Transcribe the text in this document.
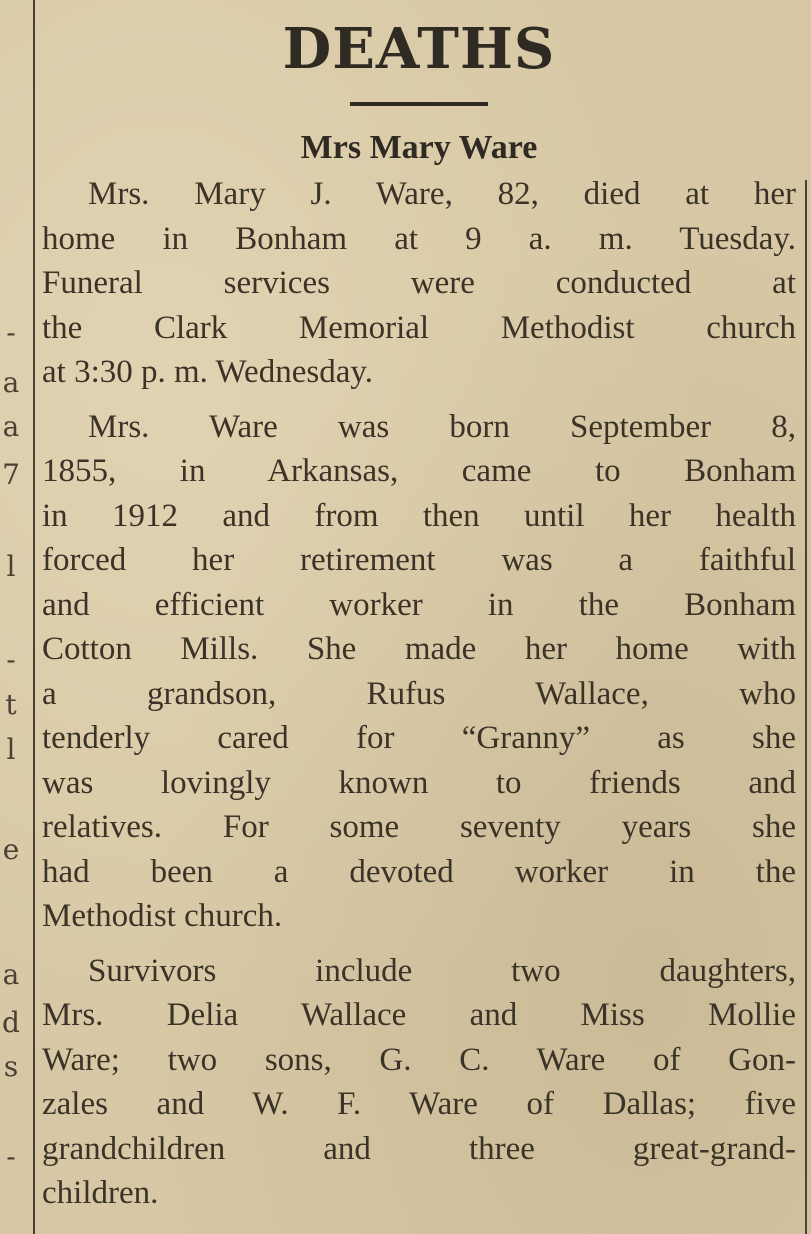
-
a
a
7
l
-
t
l
e
a
d
s
-
DEATHS
Mrs Mary Ware
Mrs. Mary J. Ware, 82, died at her
home in Bonham at 9 a. m. Tuesday.
Funeral services were conducted at
the Clark Memorial Methodist church
at 3:30 p. m. Wednesday.
Mrs. Ware was born September 8,
1855, in Arkansas, came to Bonham
in 1912 and from then until her health
forced her retirement was a faithful
and efficient worker in the Bonham
Cotton Mills. She made her home with
a grandson, Rufus Wallace, who
tenderly cared for “Granny” as she
was lovingly known to friends and
relatives. For some seventy years she
had been a devoted worker in the
Methodist church.
Survivors include two daughters,
Mrs. Delia Wallace and Miss Mollie
Ware; two sons, G. C. Ware of Gon-
zales and W. F. Ware of Dallas; five
grandchildren and three great-grand-
children.
